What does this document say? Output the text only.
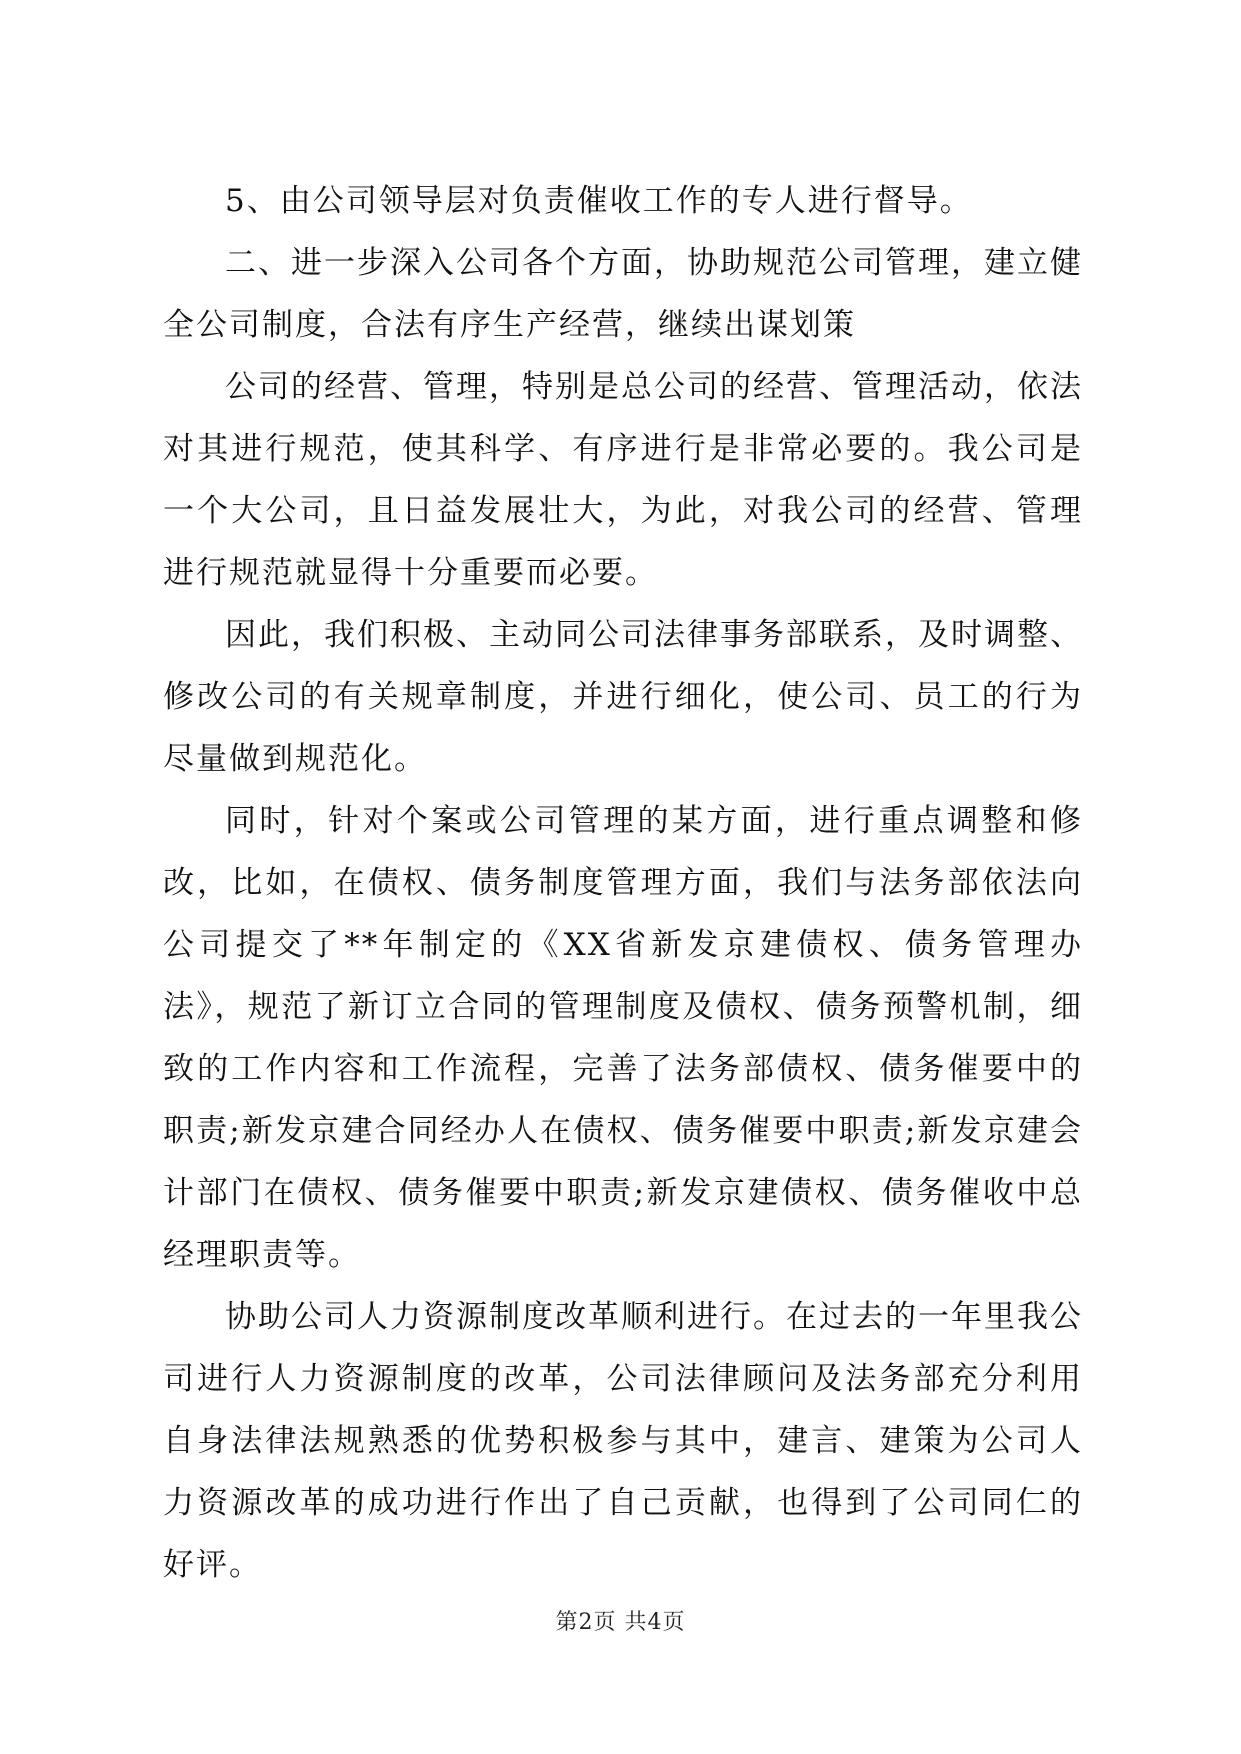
5、由公司领导层对负责催收工作的专人进行督导。

二、进一步深入公司各个方面，协助规范公司管理，建立健全公司制度，合法有序生产经营，继续出谋划策

公司的经营、管理，特别是总公司的经营、管理活动，依法对其进行规范，使其科学、有序进行是非常必要的。我公司是一个大公司，且日益发展壮大，为此，对我公司的经营、管理进行规范就显得十分重要而必要。

因此，我们积极、主动同公司法律事务部联系，及时调整、修改公司的有关规章制度，并进行细化，使公司、员工的行为尽量做到规范化。

同时，针对个案或公司管理的某方面，进行重点调整和修改，比如，在债权、债务制度管理方面，我们与法务部依法向公司提交了**年制定的《XX省新发京建债权、债务管理办法》，规范了新订立合同的管理制度及债权、债务预警机制，细致的工作内容和工作流程，完善了法务部债权、债务催要中的职责;新发京建合同经办人在债权、债务催要中职责;新发京建会计部门在债权、债务催要中职责;新发京建债权、债务催收中总经理职责等。

协助公司人力资源制度改革顺利进行。在过去的一年里我公司进行人力资源制度的改革，公司法律顾问及法务部充分利用自身法律法规熟悉的优势积极参与其中，建言、建策为公司人力资源改革的成功进行作出了自己贡献，也得到了公司同仁的好评。

第2页 共4页
